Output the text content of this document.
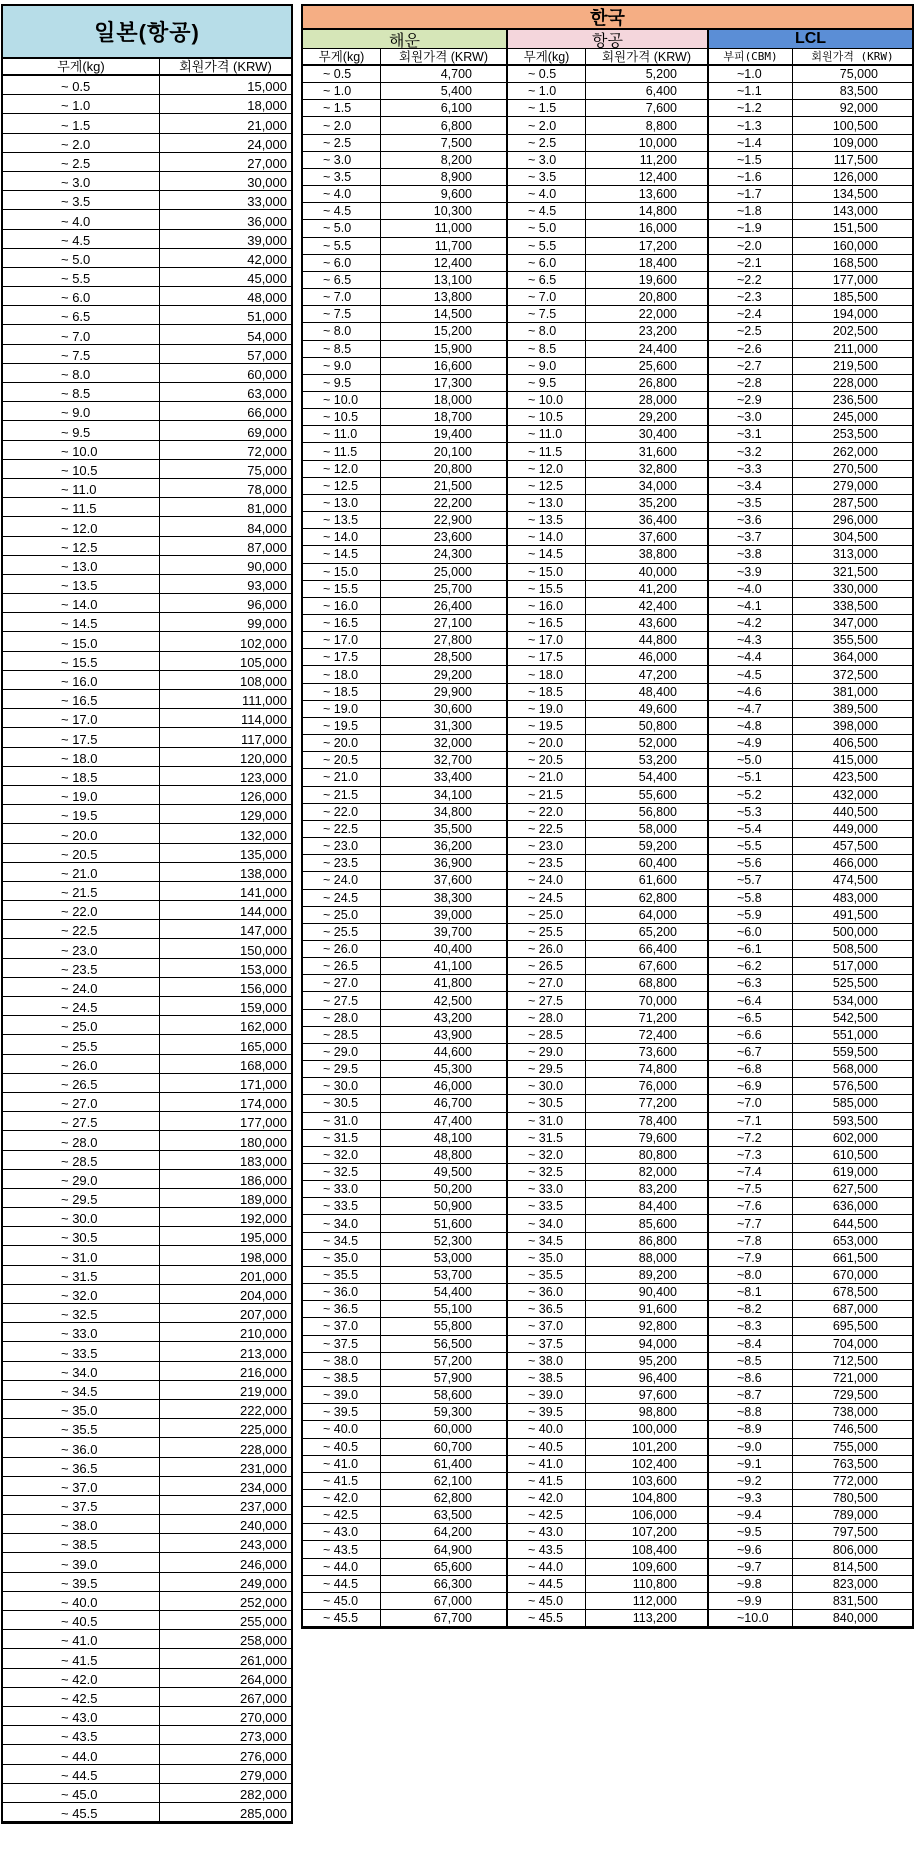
일본(항공)
무게(kg)	회원가격 (KRW)
~ 0.5	15,000
~ 1.0	18,000
~ 1.5	21,000
~ 2.0	24,000
~ 2.5	27,000
~ 3.0	30,000
~ 3.5	33,000
~ 4.0	36,000
~ 4.5	39,000
~ 5.0	42,000
~ 5.5	45,000
~ 6.0	48,000
~ 6.5	51,000
~ 7.0	54,000
~ 7.5	57,000
~ 8.0	60,000
~ 8.5	63,000
~ 9.0	66,000
~ 9.5	69,000
~ 10.0	72,000
~ 10.5	75,000
~ 11.0	78,000
~ 11.5	81,000
~ 12.0	84,000
~ 12.5	87,000
~ 13.0	90,000
~ 13.5	93,000
~ 14.0	96,000
~ 14.5	99,000
~ 15.0	102,000
~ 15.5	105,000
~ 16.0	108,000
~ 16.5	111,000
~ 17.0	114,000
~ 17.5	117,000
~ 18.0	120,000
~ 18.5	123,000
~ 19.0	126,000
~ 19.5	129,000
~ 20.0	132,000
~ 20.5	135,000
~ 21.0	138,000
~ 21.5	141,000
~ 22.0	144,000
~ 22.5	147,000
~ 23.0	150,000
~ 23.5	153,000
~ 24.0	156,000
~ 24.5	159,000
~ 25.0	162,000
~ 25.5	165,000
~ 26.0	168,000
~ 26.5	171,000
~ 27.0	174,000
~ 27.5	177,000
~ 28.0	180,000
~ 28.5	183,000
~ 29.0	186,000
~ 29.5	189,000
~ 30.0	192,000
~ 30.5	195,000
~ 31.0	198,000
~ 31.5	201,000
~ 32.0	204,000
~ 32.5	207,000
~ 33.0	210,000
~ 33.5	213,000
~ 34.0	216,000
~ 34.5	219,000
~ 35.0	222,000
~ 35.5	225,000
~ 36.0	228,000
~ 36.5	231,000
~ 37.0	234,000
~ 37.5	237,000
~ 38.0	240,000
~ 38.5	243,000
~ 39.0	246,000
~ 39.5	249,000
~ 40.0	252,000
~ 40.5	255,000
~ 41.0	258,000
~ 41.5	261,000
~ 42.0	264,000
~ 42.5	267,000
~ 43.0	270,000
~ 43.5	273,000
~ 44.0	276,000
~ 44.5	279,000
~ 45.0	282,000
~ 45.5	285,000
한국
해운	항공	LCL
무게(kg)	회원가격 (KRW)	무게(kg)	회원가격 (KRW)	부피(CBM)	회원가격 (KRW)
~ 0.5	4,700	~ 0.5	5,200	~1.0	75,000
~ 1.0	5,400	~ 1.0	6,400	~1.1	83,500
~ 1.5	6,100	~ 1.5	7,600	~1.2	92,000
~ 2.0	6,800	~ 2.0	8,800	~1.3	100,500
~ 2.5	7,500	~ 2.5	10,000	~1.4	109,000
~ 3.0	8,200	~ 3.0	11,200	~1.5	117,500
~ 3.5	8,900	~ 3.5	12,400	~1.6	126,000
~ 4.0	9,600	~ 4.0	13,600	~1.7	134,500
~ 4.5	10,300	~ 4.5	14,800	~1.8	143,000
~ 5.0	11,000	~ 5.0	16,000	~1.9	151,500
~ 5.5	11,700	~ 5.5	17,200	~2.0	160,000
~ 6.0	12,400	~ 6.0	18,400	~2.1	168,500
~ 6.5	13,100	~ 6.5	19,600	~2.2	177,000
~ 7.0	13,800	~ 7.0	20,800	~2.3	185,500
~ 7.5	14,500	~ 7.5	22,000	~2.4	194,000
~ 8.0	15,200	~ 8.0	23,200	~2.5	202,500
~ 8.5	15,900	~ 8.5	24,400	~2.6	211,000
~ 9.0	16,600	~ 9.0	25,600	~2.7	219,500
~ 9.5	17,300	~ 9.5	26,800	~2.8	228,000
~ 10.0	18,000	~ 10.0	28,000	~2.9	236,500
~ 10.5	18,700	~ 10.5	29,200	~3.0	245,000
~ 11.0	19,400	~ 11.0	30,400	~3.1	253,500
~ 11.5	20,100	~ 11.5	31,600	~3.2	262,000
~ 12.0	20,800	~ 12.0	32,800	~3.3	270,500
~ 12.5	21,500	~ 12.5	34,000	~3.4	279,000
~ 13.0	22,200	~ 13.0	35,200	~3.5	287,500
~ 13.5	22,900	~ 13.5	36,400	~3.6	296,000
~ 14.0	23,600	~ 14.0	37,600	~3.7	304,500
~ 14.5	24,300	~ 14.5	38,800	~3.8	313,000
~ 15.0	25,000	~ 15.0	40,000	~3.9	321,500
~ 15.5	25,700	~ 15.5	41,200	~4.0	330,000
~ 16.0	26,400	~ 16.0	42,400	~4.1	338,500
~ 16.5	27,100	~ 16.5	43,600	~4.2	347,000
~ 17.0	27,800	~ 17.0	44,800	~4.3	355,500
~ 17.5	28,500	~ 17.5	46,000	~4.4	364,000
~ 18.0	29,200	~ 18.0	47,200	~4.5	372,500
~ 18.5	29,900	~ 18.5	48,400	~4.6	381,000
~ 19.0	30,600	~ 19.0	49,600	~4.7	389,500
~ 19.5	31,300	~ 19.5	50,800	~4.8	398,000
~ 20.0	32,000	~ 20.0	52,000	~4.9	406,500
~ 20.5	32,700	~ 20.5	53,200	~5.0	415,000
~ 21.0	33,400	~ 21.0	54,400	~5.1	423,500
~ 21.5	34,100	~ 21.5	55,600	~5.2	432,000
~ 22.0	34,800	~ 22.0	56,800	~5.3	440,500
~ 22.5	35,500	~ 22.5	58,000	~5.4	449,000
~ 23.0	36,200	~ 23.0	59,200	~5.5	457,500
~ 23.5	36,900	~ 23.5	60,400	~5.6	466,000
~ 24.0	37,600	~ 24.0	61,600	~5.7	474,500
~ 24.5	38,300	~ 24.5	62,800	~5.8	483,000
~ 25.0	39,000	~ 25.0	64,000	~5.9	491,500
~ 25.5	39,700	~ 25.5	65,200	~6.0	500,000
~ 26.0	40,400	~ 26.0	66,400	~6.1	508,500
~ 26.5	41,100	~ 26.5	67,600	~6.2	517,000
~ 27.0	41,800	~ 27.0	68,800	~6.3	525,500
~ 27.5	42,500	~ 27.5	70,000	~6.4	534,000
~ 28.0	43,200	~ 28.0	71,200	~6.5	542,500
~ 28.5	43,900	~ 28.5	72,400	~6.6	551,000
~ 29.0	44,600	~ 29.0	73,600	~6.7	559,500
~ 29.5	45,300	~ 29.5	74,800	~6.8	568,000
~ 30.0	46,000	~ 30.0	76,000	~6.9	576,500
~ 30.5	46,700	~ 30.5	77,200	~7.0	585,000
~ 31.0	47,400	~ 31.0	78,400	~7.1	593,500
~ 31.5	48,100	~ 31.5	79,600	~7.2	602,000
~ 32.0	48,800	~ 32.0	80,800	~7.3	610,500
~ 32.5	49,500	~ 32.5	82,000	~7.4	619,000
~ 33.0	50,200	~ 33.0	83,200	~7.5	627,500
~ 33.5	50,900	~ 33.5	84,400	~7.6	636,000
~ 34.0	51,600	~ 34.0	85,600	~7.7	644,500
~ 34.5	52,300	~ 34.5	86,800	~7.8	653,000
~ 35.0	53,000	~ 35.0	88,000	~7.9	661,500
~ 35.5	53,700	~ 35.5	89,200	~8.0	670,000
~ 36.0	54,400	~ 36.0	90,400	~8.1	678,500
~ 36.5	55,100	~ 36.5	91,600	~8.2	687,000
~ 37.0	55,800	~ 37.0	92,800	~8.3	695,500
~ 37.5	56,500	~ 37.5	94,000	~8.4	704,000
~ 38.0	57,200	~ 38.0	95,200	~8.5	712,500
~ 38.5	57,900	~ 38.5	96,400	~8.6	721,000
~ 39.0	58,600	~ 39.0	97,600	~8.7	729,500
~ 39.5	59,300	~ 39.5	98,800	~8.8	738,000
~ 40.0	60,000	~ 40.0	100,000	~8.9	746,500
~ 40.5	60,700	~ 40.5	101,200	~9.0	755,000
~ 41.0	61,400	~ 41.0	102,400	~9.1	763,500
~ 41.5	62,100	~ 41.5	103,600	~9.2	772,000
~ 42.0	62,800	~ 42.0	104,800	~9.3	780,500
~ 42.5	63,500	~ 42.5	106,000	~9.4	789,000
~ 43.0	64,200	~ 43.0	107,200	~9.5	797,500
~ 43.5	64,900	~ 43.5	108,400	~9.6	806,000
~ 44.0	65,600	~ 44.0	109,600	~9.7	814,500
~ 44.5	66,300	~ 44.5	110,800	~9.8	823,000
~ 45.0	67,000	~ 45.0	112,000	~9.9	831,500
~ 45.5	67,700	~ 45.5	113,200	~10.0	840,000
